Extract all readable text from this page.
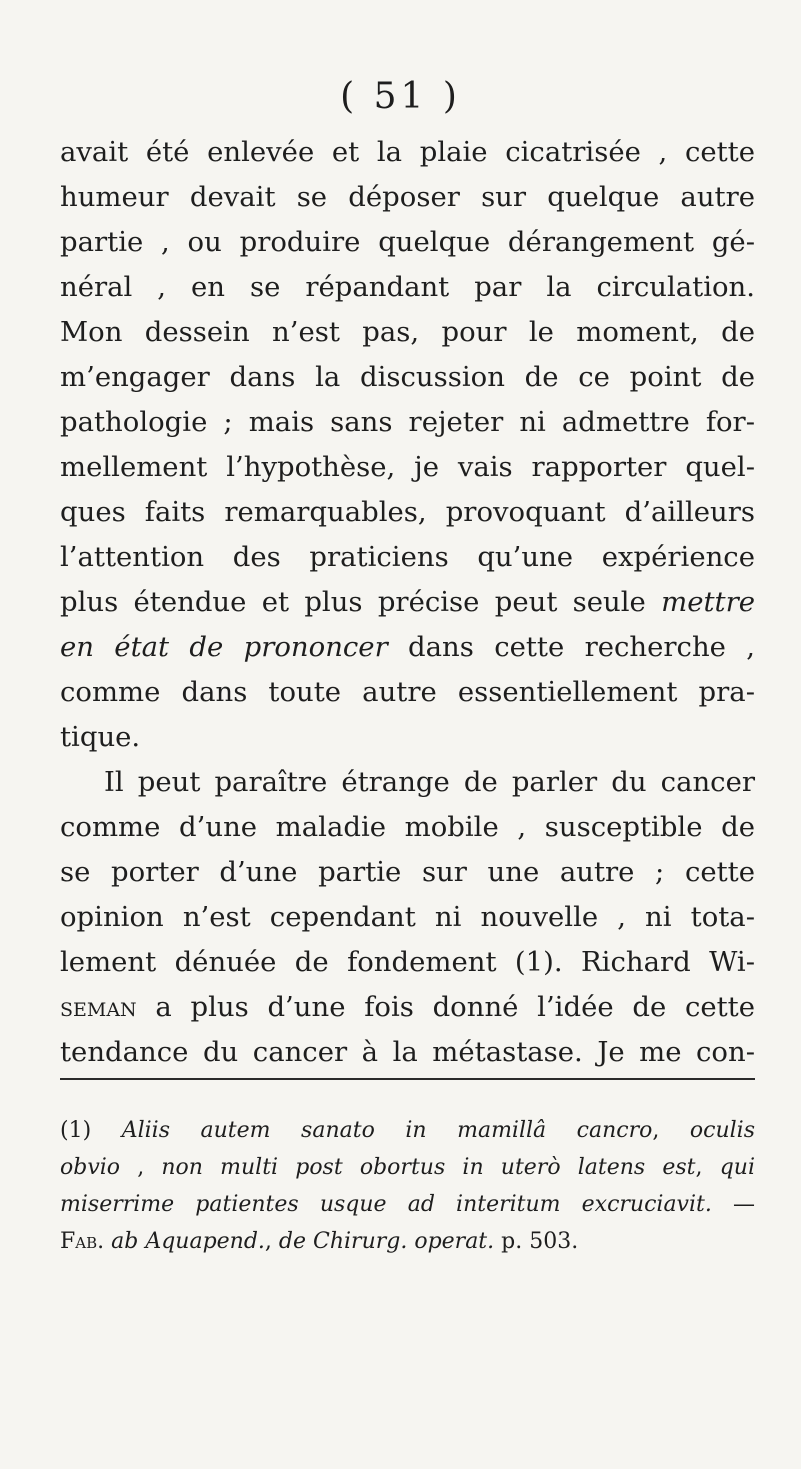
( 51 )
avait été enlevée et la plaie cicatrisée , cette
humeur devait se déposer sur quelque autre
partie , ou produire quelque dérangement gé-
néral , en se répandant par la circulation.
Mon dessein n’est pas, pour le moment, de
m’engager dans la discussion de ce point de
pathologie ; mais sans rejeter ni admettre for-
mellement l’hypothèse, je vais rapporter quel-
ques faits remarquables, provoquant d’ailleurs
l’attention des praticiens qu’une expérience
plus étendue et plus précise peut seule mettre
en état de prononcer dans cette recherche ,
comme dans toute autre essentiellement pra-
tique.
Il peut paraître étrange de parler du cancer
comme d’une maladie mobile , susceptible de
se porter d’une partie sur une autre ; cette
opinion n’est cependant ni nouvelle , ni tota-
lement dénuée de fondement (1). Richard Wi-
seman a plus d’une fois donné l’idée de cette
tendance du cancer à la métastase. Je me con-
(1) Aliis autem sanato in mamillâ cancro, oculis
obvio , non multi post obortus in uterò latens est, qui
miserrime patientes usque ad interitum excruciavit. —
Fab. ab Aquapend., de Chirurg. operat. p. 503.
